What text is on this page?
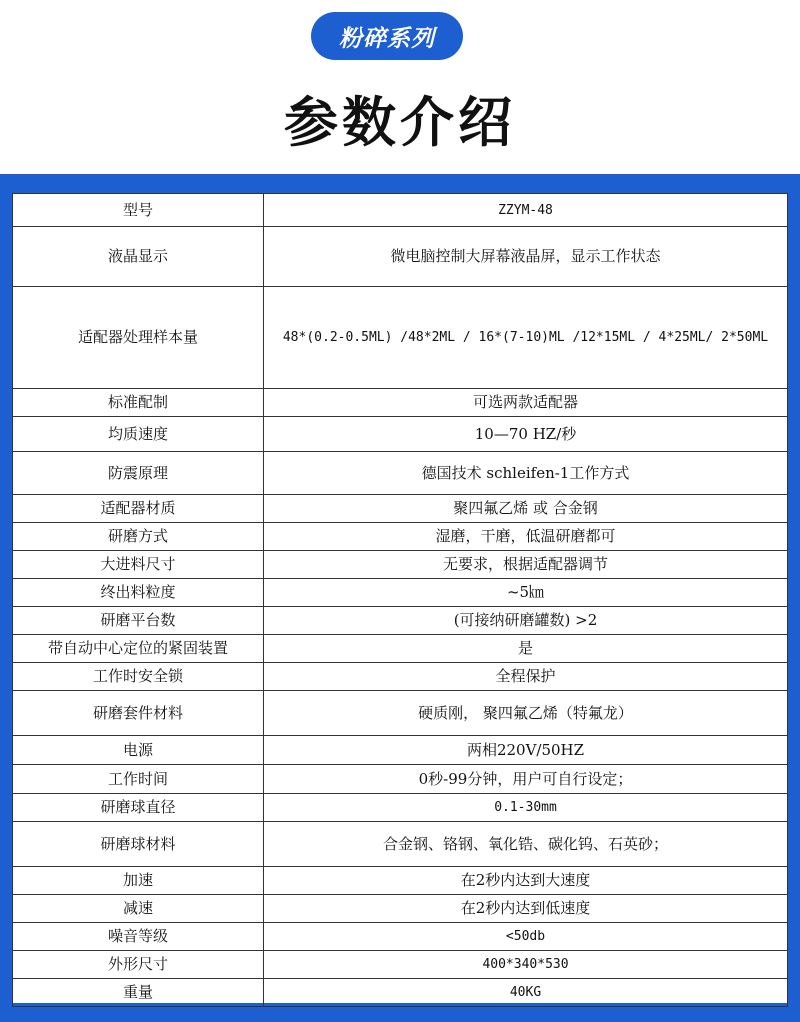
粉碎系列
参数介绍
型号	ZZYM-48
液晶显示	微电脑控制大屏幕液晶屏，显示工作状态
适配器处理样本量	48*(0.2-0.5ML) /48*2ML / 16*(7-10)ML /12*15ML / 4*25ML/ 2*50ML
标准配制	可选两款适配器
均质速度	10—70 HZ/秒
防震原理	德国技术 schleifen-1工作方式
适配器材质	聚四氟乙烯 或 合金钢
研磨方式	湿磨，干磨，低温研磨都可
大进料尺寸	无要求，根据适配器调节
终出料粒度	~5㎞
研磨平台数	(可接纳研磨罐数) >2
带自动中心定位的紧固装置	是
工作时安全锁	全程保护
研磨套件材料	硬质刚， 聚四氟乙烯（特氟龙）
电源	两相220V/50HZ
工作时间	0秒-99分钟，用户可自行设定；
研磨球直径	0.1-30mm
研磨球材料	合金钢、铬钢、氧化锆、碳化钨、石英砂；
加速	在2秒内达到大速度
减速	在2秒内达到低速度
噪音等级	<50db
外形尺寸	400*340*530
重量	40KG
